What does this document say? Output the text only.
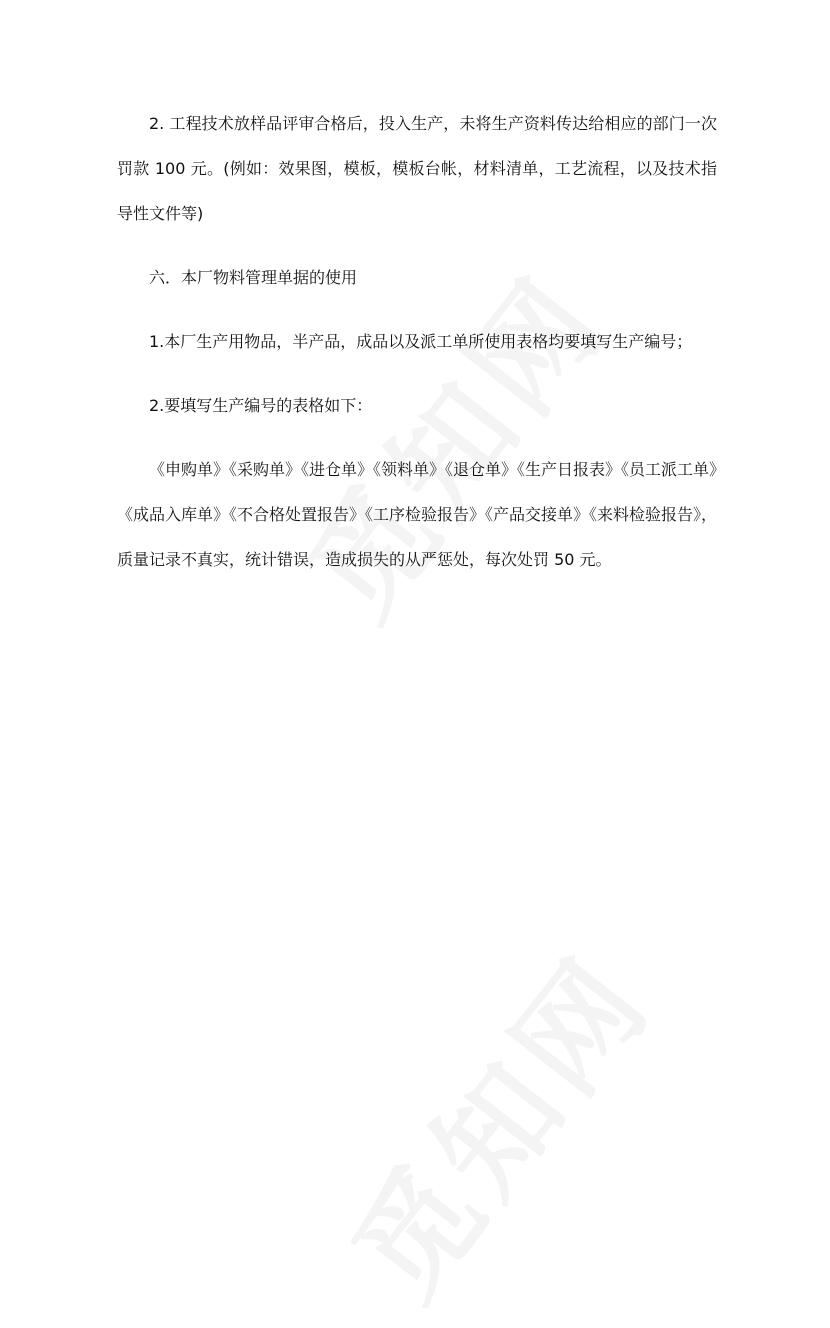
2. 工程技术放样品评审合格后，投入生产，未将生产资料传达给相应的部门一次罚款 100 元。(例如：效果图，模板，模板台帐，材料清单，工艺流程，以及技术指导性文件等)

六．本厂物料管理单据的使用

1.本厂生产用物品，半产品，成品以及派工单所使用表格均要填写生产编号；

2.要填写生产编号的表格如下：

《申购单》《采购单》《进仓单》《领料单》《退仓单》《生产日报表》《员工派工单》《成品入库单》《不合格处置报告》《工序检验报告》《产品交接单》《来料检验报告》，质量记录不真实，统计错误，造成损失的从严惩处，每次处罚 50 元。
